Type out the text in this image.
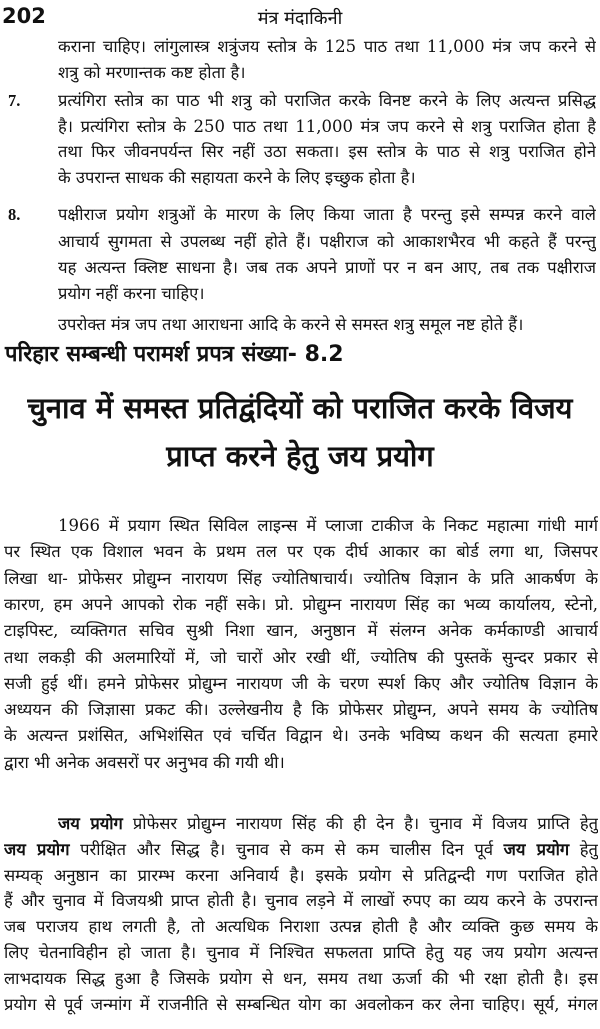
202	मंत्र मंदाकिनी
कराना चाहिए। लांगुलास्त्र शत्रुंजय स्तोत्र के 125 पाठ तथा 11,000 मंत्र जप करने से
शत्रु को मरणान्तक कष्ट होता है।
7. प्रत्यंगिरा स्तोत्र का पाठ भी शत्रु को पराजित करके विनष्ट करने के लिए अत्यन्त प्रसिद्ध
है। प्रत्यंगिरा स्तोत्र के 250 पाठ तथा 11,000 मंत्र जप करने से शत्रु पराजित होता है
तथा फिर जीवनपर्यन्त सिर नहीं उठा सकता। इस स्तोत्र के पाठ से शत्रु पराजित होने
के उपरान्त साधक की सहायता करने के लिए इच्छुक होता है।
8. पक्षीराज प्रयोग शत्रुओं के मारण के लिए किया जाता है परन्तु इसे सम्पन्न करने वाले
आचार्य सुगमता से उपलब्ध नहीं होते हैं। पक्षीराज को आकाशभैरव भी कहते हैं परन्तु
यह अत्यन्त क्लिष्ट साधना है। जब तक अपने प्राणों पर न बन आए, तब तक पक्षीराज
प्रयोग नहीं करना चाहिए।
उपरोक्त मंत्र जप तथा आराधना आदि के करने से समस्त शत्रु समूल नष्ट होते हैं।
परिहार सम्बन्धी परामर्श प्रपत्र संख्या- 8.2
चुनाव में समस्त प्रतिद्वंदियों को पराजित करके विजय
प्राप्त करने हेतु जय प्रयोग
1966 में प्रयाग स्थित सिविल लाइन्स में प्लाजा टाकीज के निकट महात्मा गांधी मार्ग
पर स्थित एक विशाल भवन के प्रथम तल पर एक दीर्घ आकार का बोर्ड लगा था, जिसपर
लिखा था- प्रोफेसर प्रोद्युम्न नारायण सिंह ज्योतिषाचार्य। ज्योतिष विज्ञान के प्रति आकर्षण के
कारण, हम अपने आपको रोक नहीं सके। प्रो. प्रोद्युम्न नारायण सिंह का भव्य कार्यालय, स्टेनो,
टाइपिस्ट, व्यक्तिगत सचिव सुश्री निशा खान, अनुष्ठान में संलग्न अनेक कर्मकाण्डी आचार्य
तथा लकड़ी की अलमारियों में, जो चारों ओर रखी थीं, ज्योतिष की पुस्तकें सुन्दर प्रकार से
सजी हुई थीं। हमने प्रोफेसर प्रोद्युम्न नारायण जी के चरण स्पर्श किए और ज्योतिष विज्ञान के
अध्ययन की जिज्ञासा प्रकट की। उल्लेखनीय है कि प्रोफेसर प्रोद्युम्न, अपने समय के ज्योतिष
के अत्यन्त प्रशंसित, अभिशंसित एवं चर्चित विद्वान थे। उनके भविष्य कथन की सत्यता हमारे
द्वारा भी अनेक अवसरों पर अनुभव की गयी थी।
जय प्रयोग प्रोफेसर प्रोद्युम्न नारायण सिंह की ही देन है। चुनाव में विजय प्राप्ति हेतु
जय प्रयोग परीक्षित और सिद्ध है। चुनाव से कम से कम चालीस दिन पूर्व जय प्रयोग हेतु
सम्यक् अनुष्ठान का प्रारम्भ करना अनिवार्य है। इसके प्रयोग से प्रतिद्वन्दी गण पराजित होते
हैं और चुनाव में विजयश्री प्राप्त होती है। चुनाव लड़ने में लाखों रुपए का व्यय करने के उपरान्त
जब पराजय हाथ लगती है, तो अत्यधिक निराशा उत्पन्न होती है और व्यक्ति कुछ समय के
लिए चेतनाविहीन हो जाता है। चुनाव में निश्चित सफलता प्राप्ति हेतु यह जय प्रयोग अत्यन्त
लाभदायक सिद्ध हुआ है जिसके प्रयोग से धन, समय तथा ऊर्जा की भी रक्षा होती है। इस
प्रयोग से पूर्व जन्मांग में राजनीति से सम्बन्धित योग का अवलोकन कर लेना चाहिए। सूर्य, मंगल
